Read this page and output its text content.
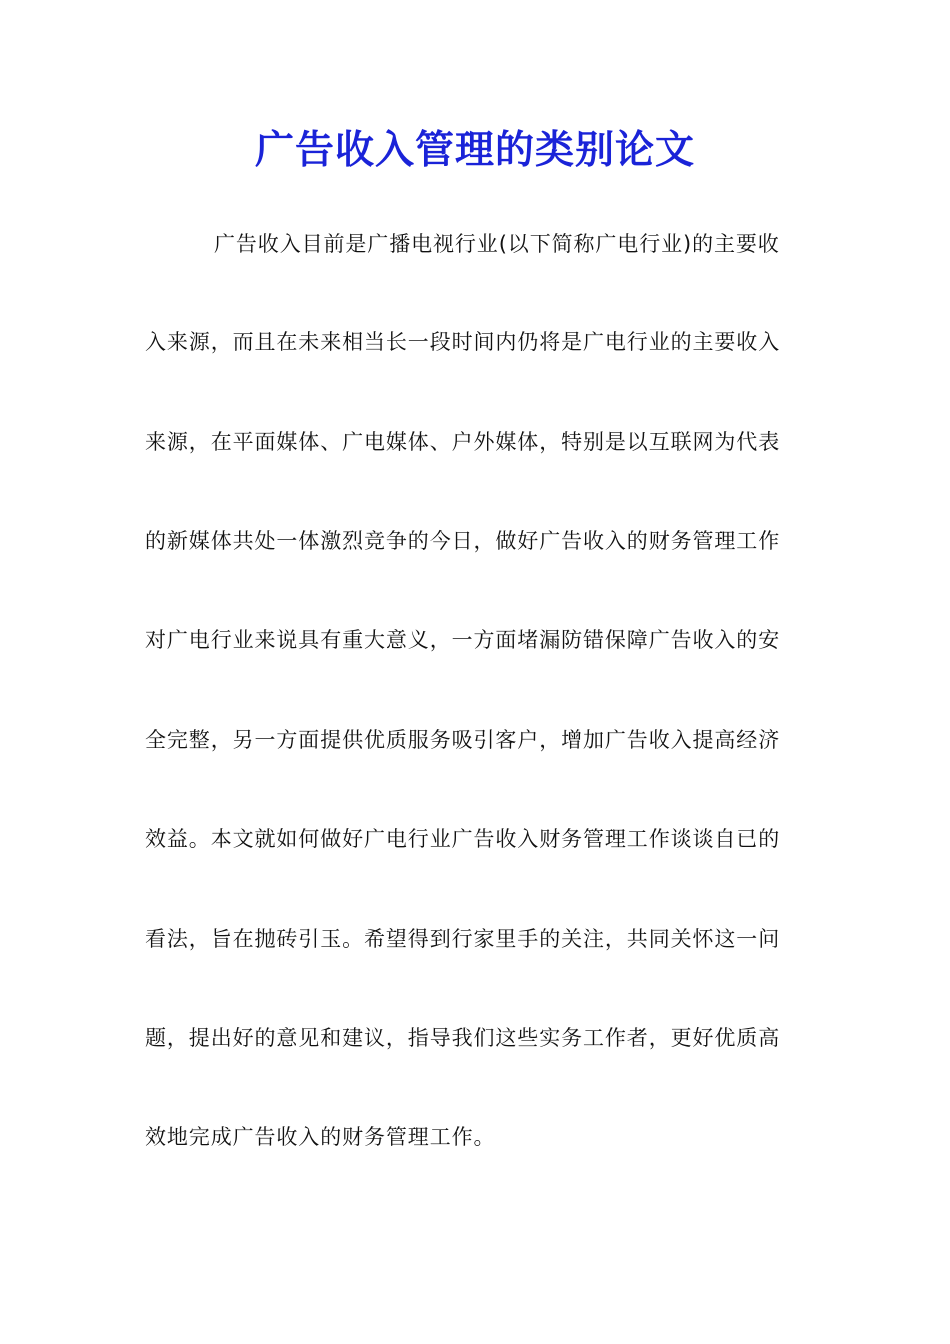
广告收入管理的类别论文
广告收入目前是广播电视行业(以下简称广电行业)的主要收
入来源，而且在未来相当长一段时间内仍将是广电行业的主要收入
来源，在平面媒体、广电媒体、户外媒体，特别是以互联网为代表
的新媒体共处一体激烈竞争的今日，做好广告收入的财务管理工作
对广电行业来说具有重大意义，一方面堵漏防错保障广告收入的安
全完整，另一方面提供优质服务吸引客户，增加广告收入提高经济
效益。本文就如何做好广电行业广告收入财务管理工作谈谈自已的
看法，旨在抛砖引玉。希望得到行家里手的关注，共同关怀这一问
题，提出好的意见和建议，指导我们这些实务工作者，更好优质高
效地完成广告收入的财务管理工作。
